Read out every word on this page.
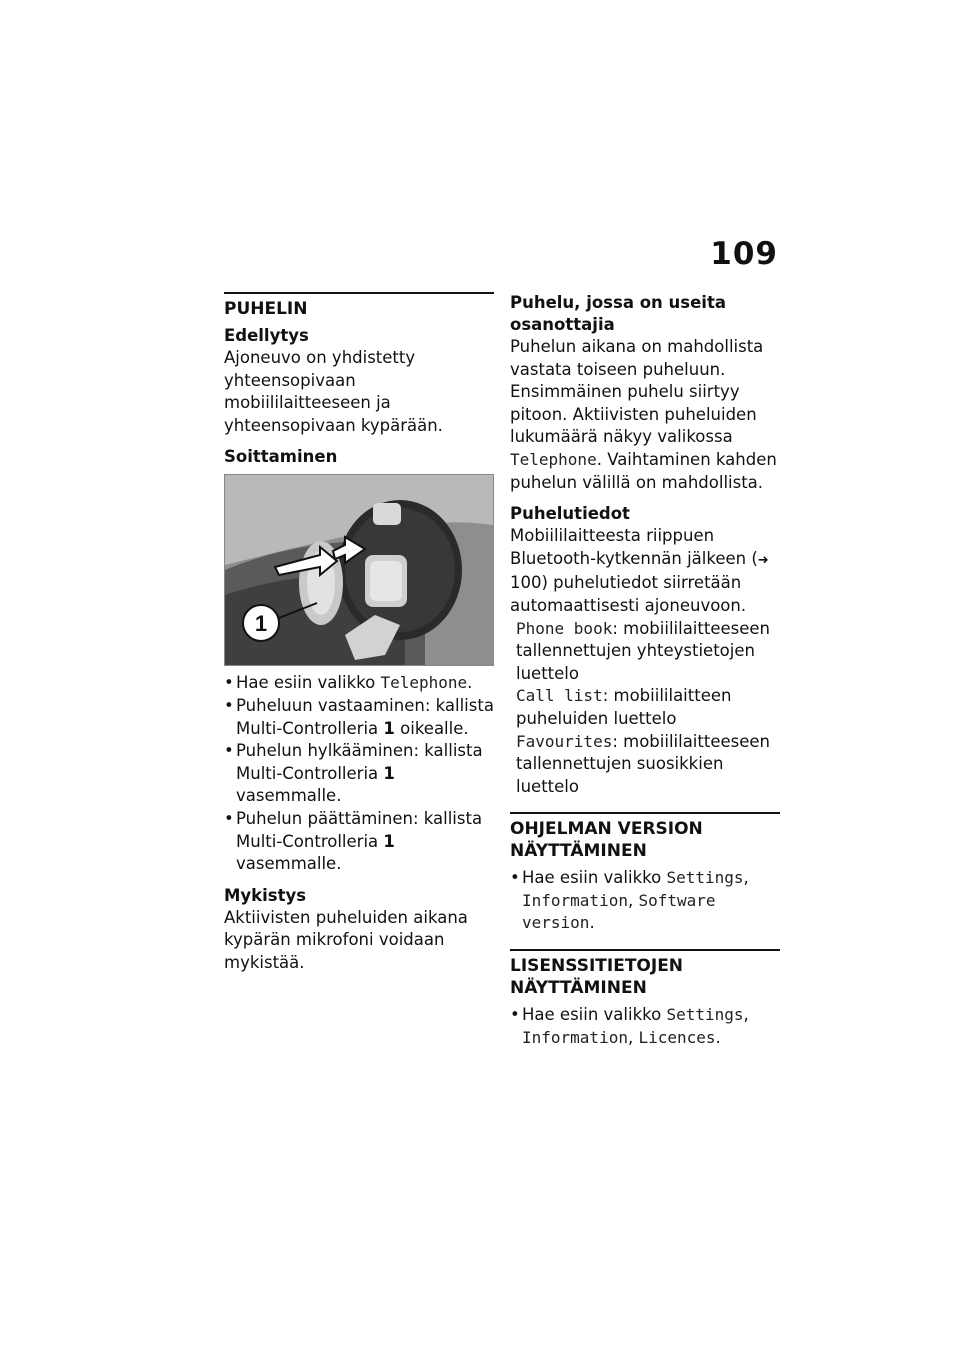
109
PUHELIN
Edellytys

Ajoneuvo on yhdistetty yhteensopivaan mobiililaitteeseen ja yhteensopivaan kypärään.

Soittaminen
1
• Hae esiin valikko Telephone.
• Puheluun vastaaminen: kallista Multi-Controlleria 1 oikealle.
• Puhelun hylkääminen: kallista Multi-Controlleria 1 vasemmalle.
• Puhelun päättäminen: kallista Multi-Controlleria 1 vasemmalle.
Mykistys

Aktiivisten puheluiden aikana kypärän mikrofoni voidaan mykistää.

Puhelu, jossa on useita osanottajia

Puhelun aikana on mahdollista vastata toiseen puheluun. Ensimmäinen puhelu siirtyy pitoon. Aktiivisten puheluiden lukumäärä näkyy valikossa Telephone. Vaihtaminen kahden puhelun välillä on mahdollista.

Puhelutiedot

Mobiililaitteesta riippuen Bluetooth-kytkennän jälkeen (➜ 100) puhelutiedot siirretään automaattisesti ajoneuvoon.

Phone book: mobiililaitteeseen tallennettujen yhteystietojen luettelo

Call list: mobiililaitteen puheluiden luettelo

Favourites: mobiililaitteeseen tallennettujen suosikkien luettelo

OHJELMAN VERSION NÄYTTÄMINEN
• Hae esiin valikko Settings, Information, Software version.
LISENSSITIETOJEN NÄYTTÄMINEN
• Hae esiin valikko Settings, Information, Licences.
